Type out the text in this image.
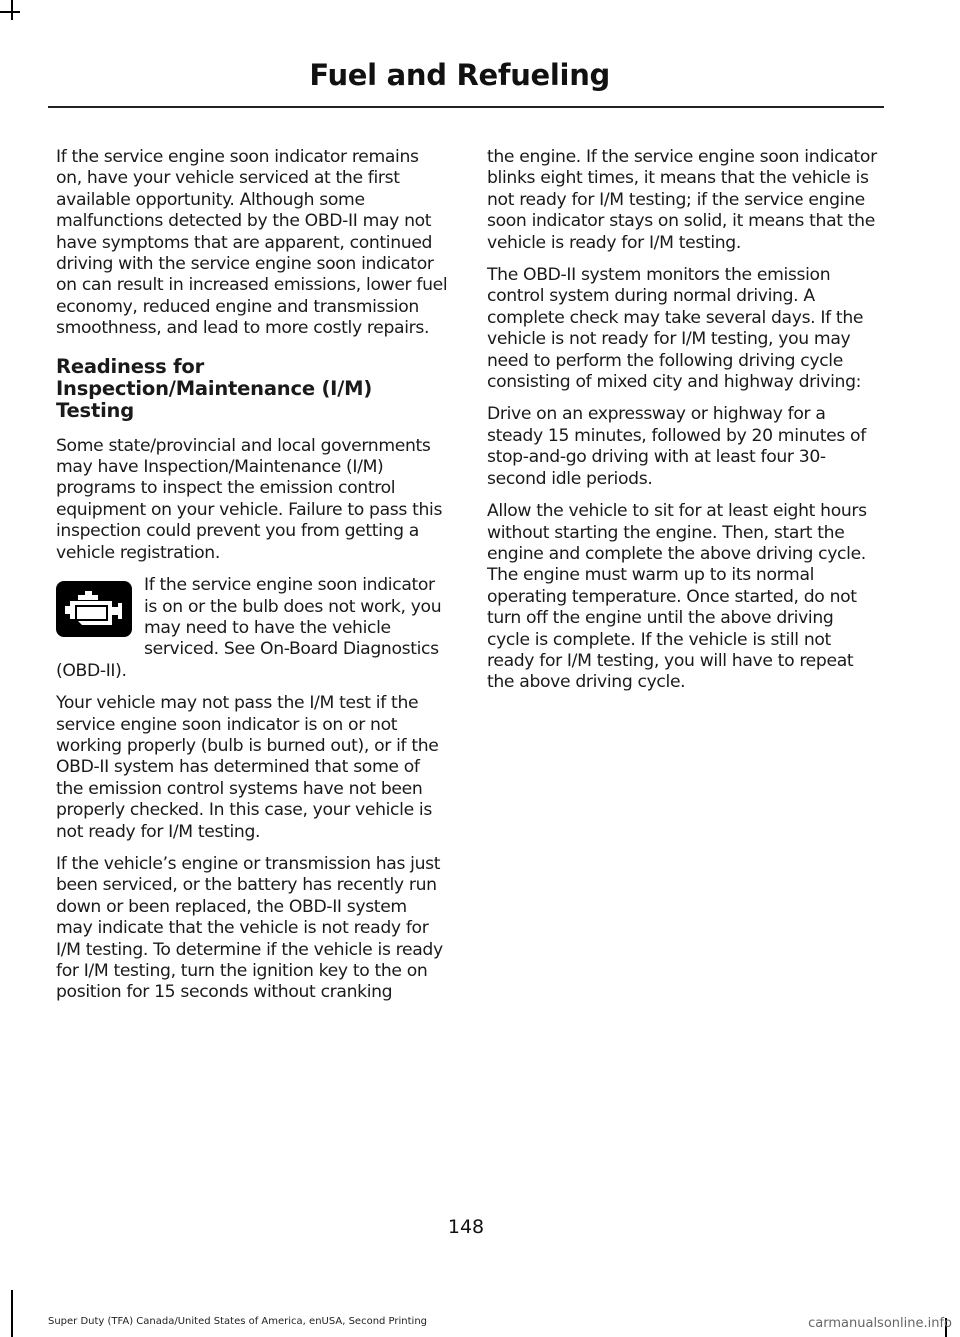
Fuel and Refueling

If the service engine soon indicator remains on, have your vehicle serviced at the first available opportunity. Although some malfunctions detected by the OBD-II may not have symptoms that are apparent, continued driving with the service engine soon indicator on can result in increased emissions, lower fuel economy, reduced engine and transmission smoothness, and lead to more costly repairs.

Readiness for
Inspection/Maintenance (I/M)
Testing

Some state/provincial and local governments may have Inspection/Maintenance (I/M) programs to inspect the emission control equipment on your vehicle. Failure to pass this inspection could prevent you from getting a vehicle registration.

If the service engine soon indicator is on or the bulb does not work, you may need to have the vehicle serviced. See On-Board Diagnostics (OBD-II).

Your vehicle may not pass the I/M test if the service engine soon indicator is on or not working properly (bulb is burned out), or if the OBD-II system has determined that some of the emission control systems have not been properly checked. In this case, your vehicle is not ready for I/M testing.

If the vehicle’s engine or transmission has just been serviced, or the battery has recently run down or been replaced, the OBD-II system may indicate that the vehicle is not ready for I/M testing. To determine if the vehicle is ready for I/M testing, turn the ignition key to the on position for 15 seconds without cranking

the engine. If the service engine soon indicator blinks eight times, it means that the vehicle is not ready for I/M testing; if the service engine soon indicator stays on solid, it means that the vehicle is ready for I/M testing.

The OBD-II system monitors the emission control system during normal driving. A complete check may take several days. If the vehicle is not ready for I/M testing, you may need to perform the following driving cycle consisting of mixed city and highway driving:

Drive on an expressway or highway for a steady 15 minutes, followed by 20 minutes of stop-and-go driving with at least four 30-second idle periods.

Allow the vehicle to sit for at least eight hours without starting the engine. Then, start the engine and complete the above driving cycle. The engine must warm up to its normal operating temperature. Once started, do not turn off the engine until the above driving cycle is complete. If the vehicle is still not ready for I/M testing, you will have to repeat the above driving cycle.

148
Super Duty (TFA) Canada/United States of America, enUSA, Second Printing	carmanualsonline.info
